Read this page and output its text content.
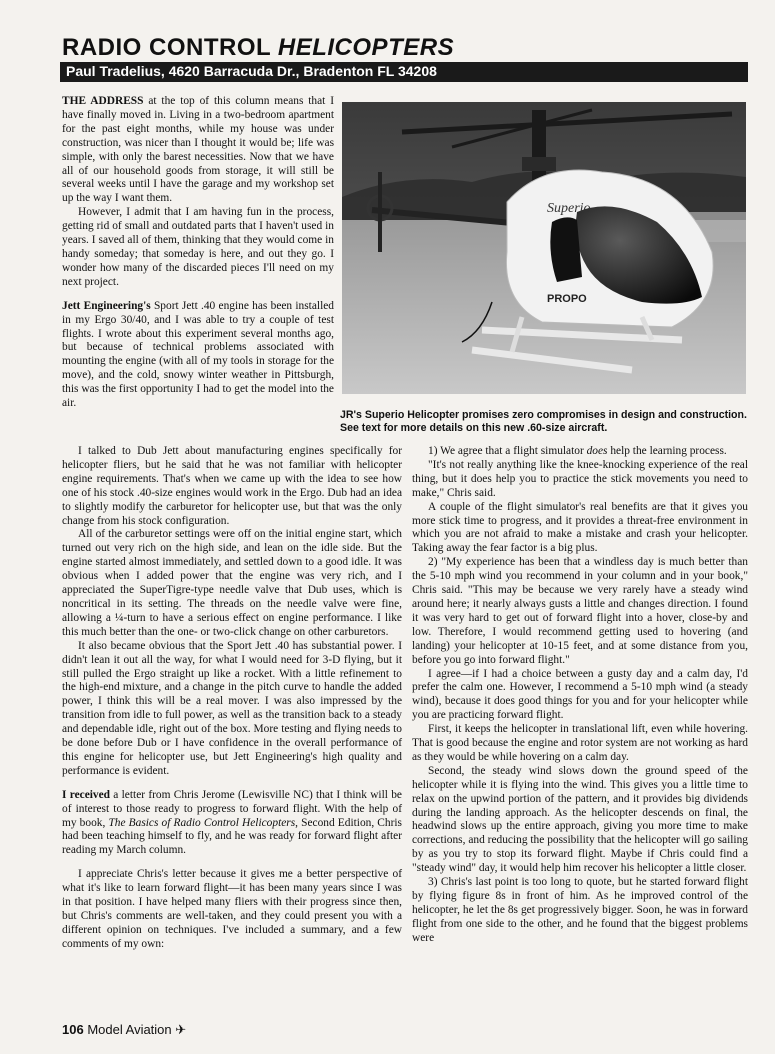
RADIO CONTROL HELICOPTERS
Paul Tradelius, 4620 Barracuda Dr., Bradenton FL 34208

THE ADDRESS at the top of this column means that I have finally moved in. Living in a two-bedroom apartment for the past eight months, while my house was under construction, was nicer than I thought it would be; life was simple, with only the barest necessities. Now that we have all of our household goods from storage, it will still be several weeks until I have the garage and my workshop set up the way I want them.

However, I admit that I am having fun in the process, getting rid of small and outdated parts that I haven't used in years. I saved all of them, thinking that they would come in handy someday; that someday is here, and out they go. I wonder how many of the discarded pieces I'll need on my next project.

Jett Engineering's Sport Jett .40 engine has been installed in my Ergo 30/40, and I was able to try a couple of test flights. I wrote about this experiment several months ago, but because of technical problems associated with mounting the engine (with all of my tools in storage for the move), and the cold, snowy winter weather in Pittsburgh, this was the first opportunity I had to get the model into the air.

Superio
PROPO
JR's Superio Helicopter promises zero compromises in design and construction. See text for more details on this new .60-size aircraft.

I talked to Dub Jett about manufacturing engines specifically for helicopter fliers, but he said that he was not familiar with helicopter engine requirements. That's when we came up with the idea to see how one of his stock .40-size engines would work in the Ergo. Dub had an idea to slightly modify the carburetor for helicopter use, but that was the only change from his stock configuration.

All of the carburetor settings were off on the initial engine start, which turned out very rich on the high side, and lean on the idle side. But the engine started almost immediately, and settled down to a good idle. It was obvious when I added power that the engine was very rich, and I appreciated the SuperTigre-type needle valve that Dub uses, which is noncritical in its setting. The threads on the needle valve were fine, allowing a ¼-turn to have a serious effect on engine performance. I like this much better than the one- or two-click change on other carburetors.

It also became obvious that the Sport Jett .40 has substantial power. I didn't lean it out all the way, for what I would need for 3-D flying, but it still pulled the Ergo straight up like a rocket. With a little refinement to the high-end mixture, and a change in the pitch curve to handle the added power, I think this will be a real mover. I was also impressed by the transition from idle to full power, as well as the transition back to a steady and dependable idle, right out of the box. More testing and flying needs to be done before Dub or I have confidence in the overall performance of this engine for helicopter use, but Jett Engineering's high quality and performance is evident.

I received a letter from Chris Jerome (Lewisville NC) that I think will be of interest to those ready to progress to forward flight. With the help of my book, The Basics of Radio Control Helicopters, Second Edition, Chris had been teaching himself to fly, and he was ready for forward flight after reading my March column.

I appreciate Chris's letter because it gives me a better perspective of what it's like to learn forward flight—it has been many years since I was in that position. I have helped many fliers with their progress since then, but Chris's comments are well-taken, and they could present you with a different opinion on techniques. I've included a summary, and a few comments of my own:

1) We agree that a flight simulator does help the learning process.

"It's not really anything like the knee-knocking experience of the real thing, but it does help you to practice the stick movements you need to make," Chris said.

A couple of the flight simulator's real benefits are that it gives you more stick time to progress, and it provides a threat-free environment in which you are not afraid to make a mistake and crash your helicopter. Taking away the fear factor is a big plus.

2) "My experience has been that a windless day is much better than the 5-10 mph wind you recommend in your column and in your book," Chris said. "This may be because we very rarely have a steady wind around here; it nearly always gusts a little and changes direction. I found it was very hard to get out of forward flight into a hover, close-by and low. Therefore, I would recommend getting used to hovering (and landing) your helicopter at 10-15 feet, and at some distance from you, before you go into forward flight."

I agree—if I had a choice between a gusty day and a calm day, I'd prefer the calm one. However, I recommend a 5-10 mph wind (a steady wind), because it does good things for you and for your helicopter while you are practicing forward flight.

First, it keeps the helicopter in translational lift, even while hovering. That is good because the engine and rotor system are not working as hard as they would be while hovering on a calm day.

Second, the steady wind slows down the ground speed of the helicopter while it is flying into the wind. This gives you a little time to relax on the upwind portion of the pattern, and it provides big dividends during the landing approach. As the helicopter descends on final, the headwind slows up the entire approach, giving you more time to make corrections, and reducing the possibility that the helicopter will go sailing by as you try to stop its forward flight. Maybe if Chris could find a "steady wind" day, it would help him recover his helicopter a little closer.

3) Chris's last point is too long to quote, but he started forward flight by flying figure 8s in front of him. As he improved control of the helicopter, he let the 8s get progressively bigger. Soon, he was in forward flight from one side to the other, and he found that the biggest problems were

106 Model Aviation ✈
